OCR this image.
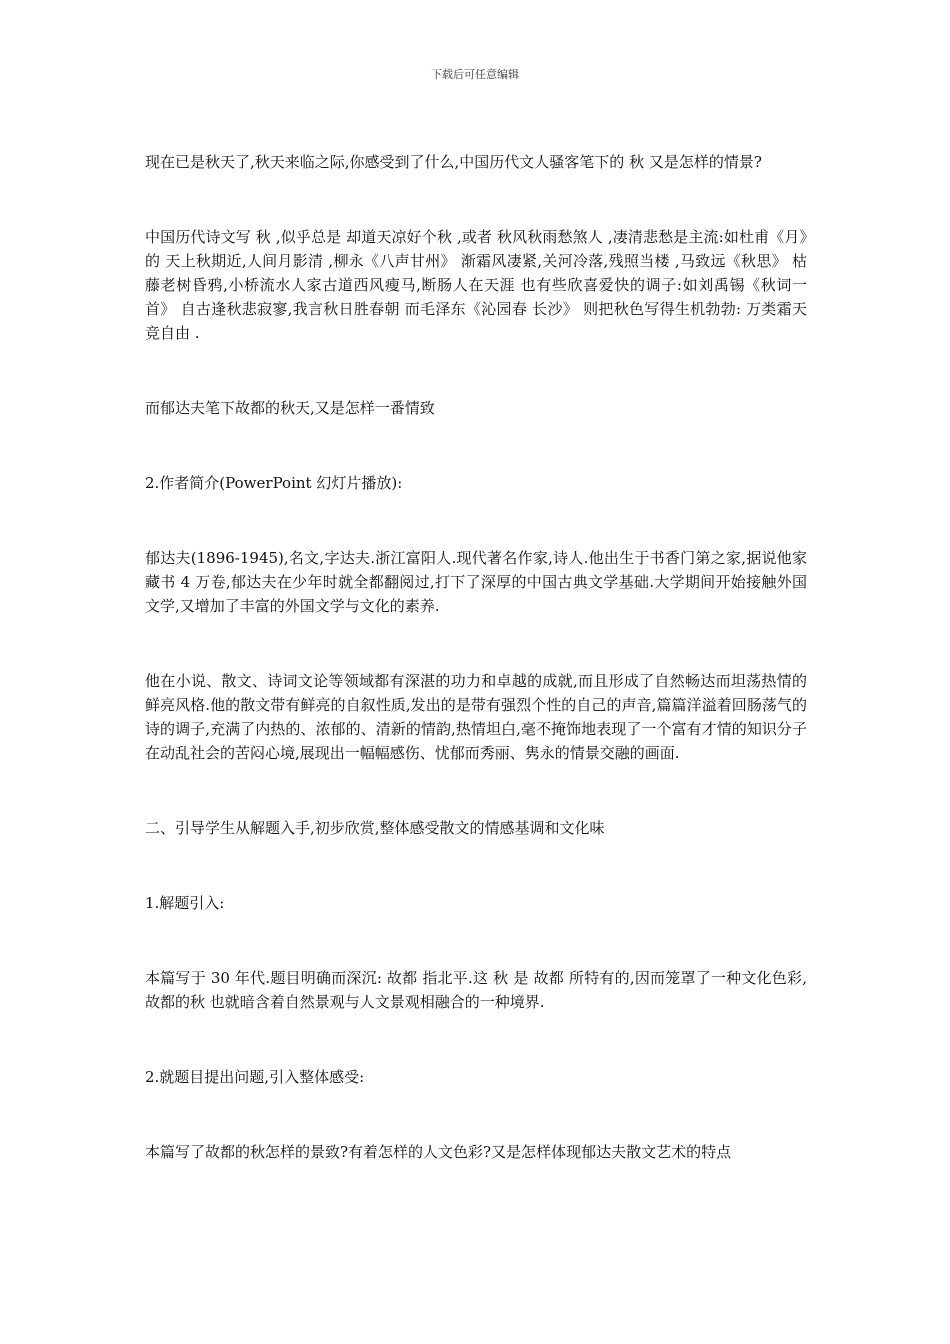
下载后可任意编辑

现在已是秋天了,秋天来临之际,你感受到了什么,中国历代文人骚客笔下的 秋 又是怎样的情景?

中国历代诗文写 秋 ,似乎总是 却道天凉好个秋 ,或者 秋风秋雨愁煞人 ,凄清悲愁是主流:如杜甫《月》的 天上秋期近,人间月影清 ,柳永《八声甘州》 渐霜风凄紧,关河冷落,残照当楼 ,马致远《秋思》 枯藤老树昏鸦,小桥流水人家古道西风瘦马,断肠人在天涯 也有些欣喜爱快的调子:如刘禹锡《秋词一首》 自古逢秋悲寂寥,我言秋日胜春朝 而毛泽东《沁园春 长沙》 则把秋色写得生机勃勃: 万类霜天竞自由 .

而郁达夫笔下故都的秋天,又是怎样一番情致

2.作者简介(PowerPoint 幻灯片播放):

郁达夫(1896-1945),名文,字达夫.浙江富阳人.现代著名作家,诗人.他出生于书香门第之家,据说他家藏书 4 万卷,郁达夫在少年时就全都翻阅过,打下了深厚的中国古典文学基础.大学期间开始接触外国文学,又增加了丰富的外国文学与文化的素养.

他在小说、散文、诗词文论等领域都有深湛的功力和卓越的成就,而且形成了自然畅达而坦荡热情的鲜亮风格.他的散文带有鲜亮的自叙性质,发出的是带有强烈个性的自己的声音,篇篇洋溢着回肠荡气的诗的调子,充满了内热的、浓郁的、清新的情韵,热情坦白,毫不掩饰地表现了一个富有才情的知识分子在动乱社会的苦闷心境,展现出一幅幅感伤、忧郁而秀丽、隽永的情景交融的画面.

二、引导学生从解题入手,初步欣赏,整体感受散文的情感基调和文化味

1.解题引入:

本篇写于 30 年代.题目明确而深沉: 故都 指北平.这 秋 是 故都 所特有的,因而笼罩了一种文化色彩, 故都的秋 也就暗含着自然景观与人文景观相融合的一种境界.

2.就题目提出问题,引入整体感受:

本篇写了故都的秋怎样的景致?有着怎样的人文色彩?又是怎样体现郁达夫散文艺术的特点
